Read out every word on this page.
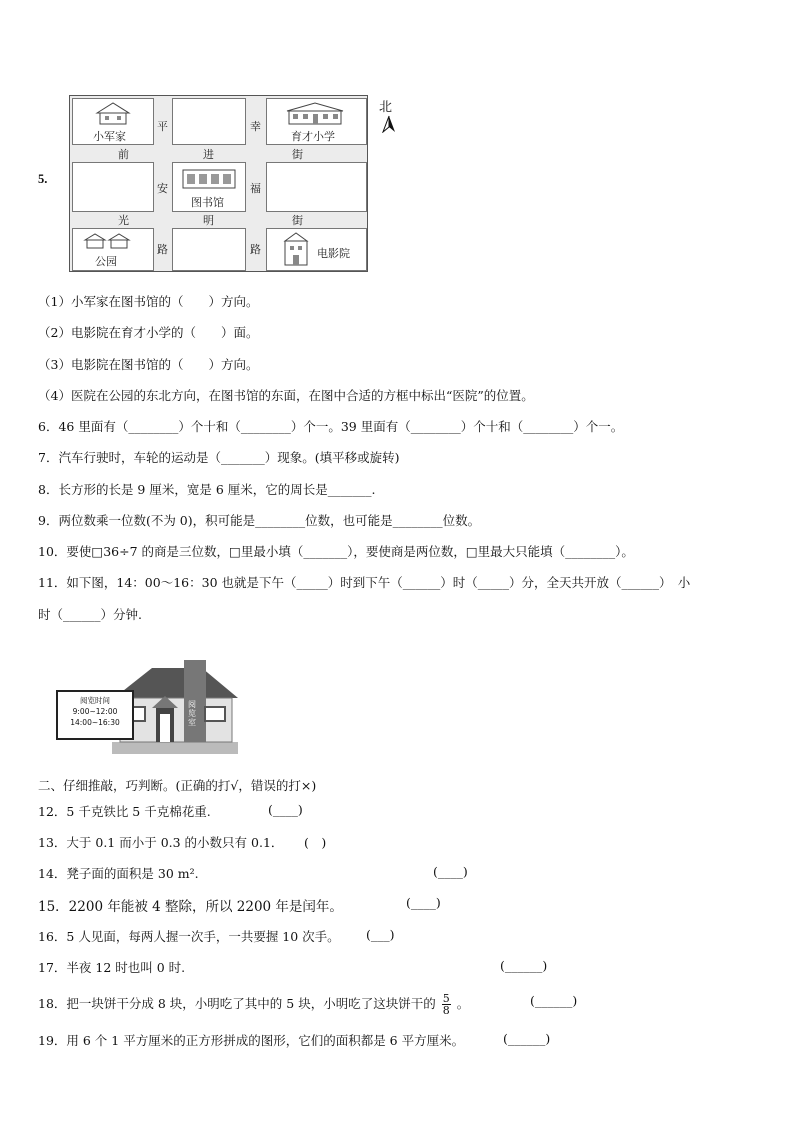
5.
小军家	育才小学
图书馆
公园
电影院
前	进	街
光	明	街
平
安
路
幸
福
路
北
（1）小军家在图书馆的（　　）方向。
（2）电影院在育才小学的（　　）面。
（3）电影院在图书馆的（　　）方向。
（4）医院在公园的东北方向，在图书馆的东面，在图中合适的方框中标出“医院”的位置。
6．46 里面有（________）个十和（________）个一。39 里面有（________）个十和（________）个一。
7．汽车行驶时，车轮的运动是（_______）现象。(填平移或旋转)
8．长方形的长是 9 厘米，宽是 6 厘米，它的周长是_______.
9．两位数乘一位数(不为 0)，积可能是________位数，也可能是________位数。
10．要使□36÷7 的商是三位数，□里最小填（_______），要使商是两位数，□里最大只能填（________）。
11．如下图，14：00～16：30 也就是下午（_____）时到下午（______）时（_____）分，全天共开放（______）　小
时（______）分钟.
阅览室
阅览时间
9:00~12:00
14:00~16:30
二、仔细推敲，巧判断。(正确的打√，错误的打×)
12．5 千克铁比 5 千克棉花重.	(____)
13．大于 0.1 而小于 0.3 的小数只有 0.1． (　)
14．凳子面的面积是 30 m².	(____)
15．2200 年能被 4 整除，所以 2200 年是闰年。	(____)
16．5 人见面，每两人握一次手，一共要握 10 次手。 (___)
17．半夜 12 时也叫 0 时.	(______)
18．把一块饼干分成 8 块，小明吃了其中的 5 块，小明吃了这块饼干的 $\frac{5}{8}$ 。	(______)
19．用 6 个 1 平方厘米的正方形拼成的图形，它们的面积都是 6 平方厘米。	(______)
